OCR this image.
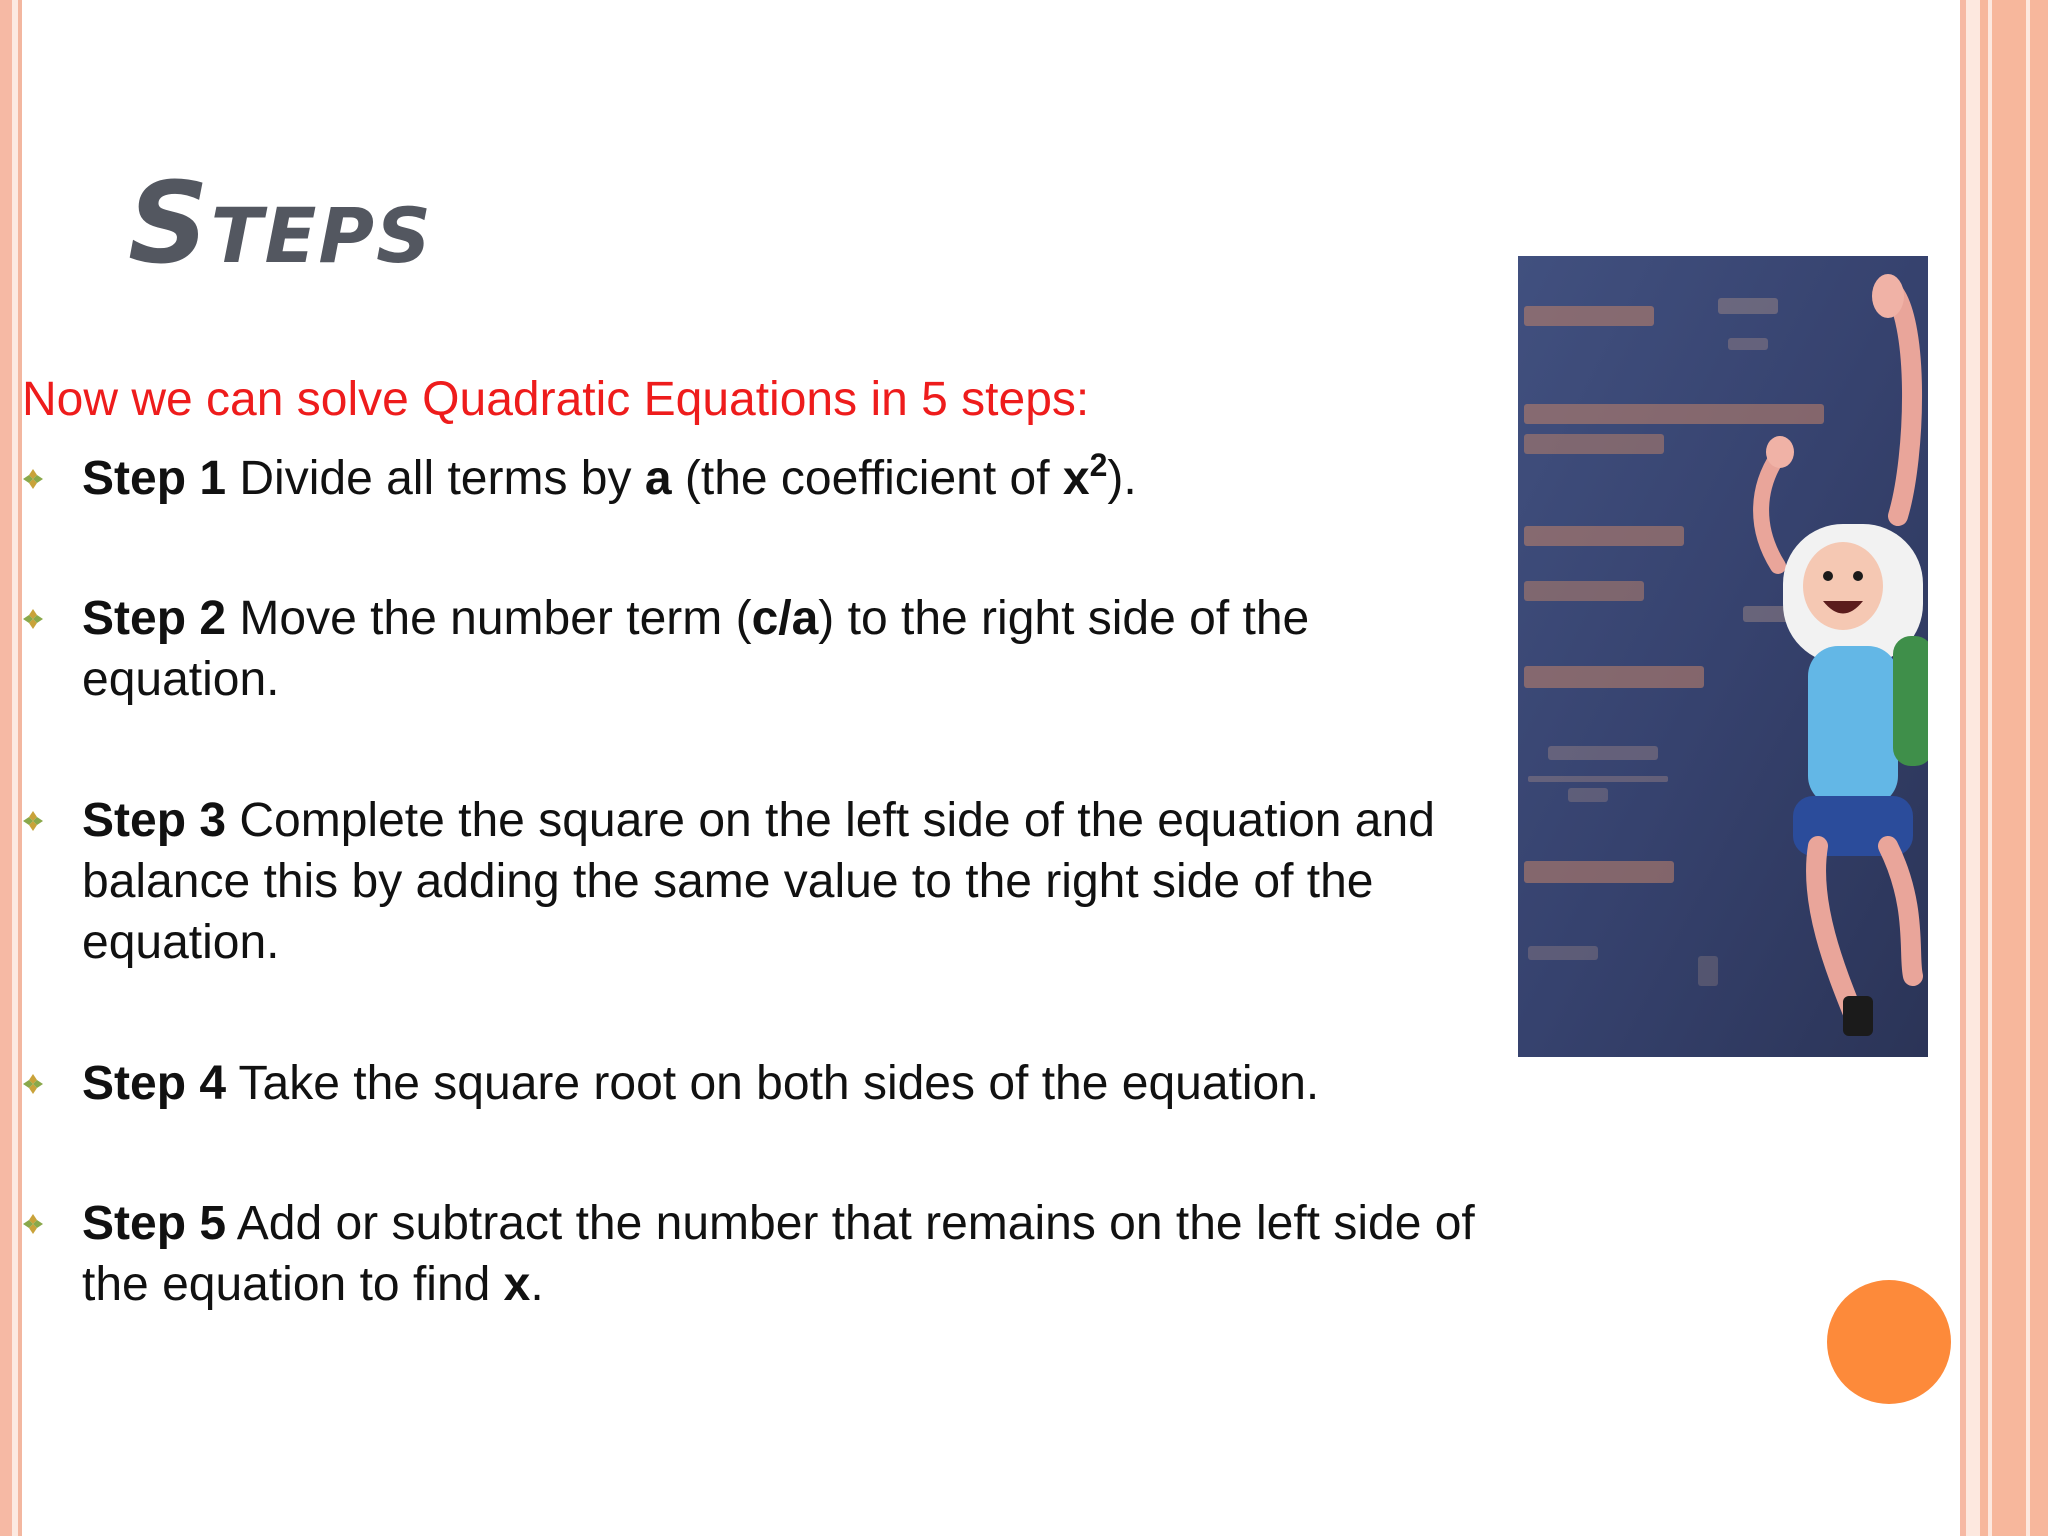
STEPS
Now we can solve Quadratic Equations in 5 steps:
Step 1 Divide all terms by a (the coefficient of $x^2$).
Step 2 Move the number term (c/a) to the right side of the equation.
Step 3 Complete the square on the left side of the equation and balance this by adding the same value to the right side of the equation.
Step 4 Take the square root on both sides of the equation.
Step 5 Add or subtract the number that remains on the left side of the equation to find x.
